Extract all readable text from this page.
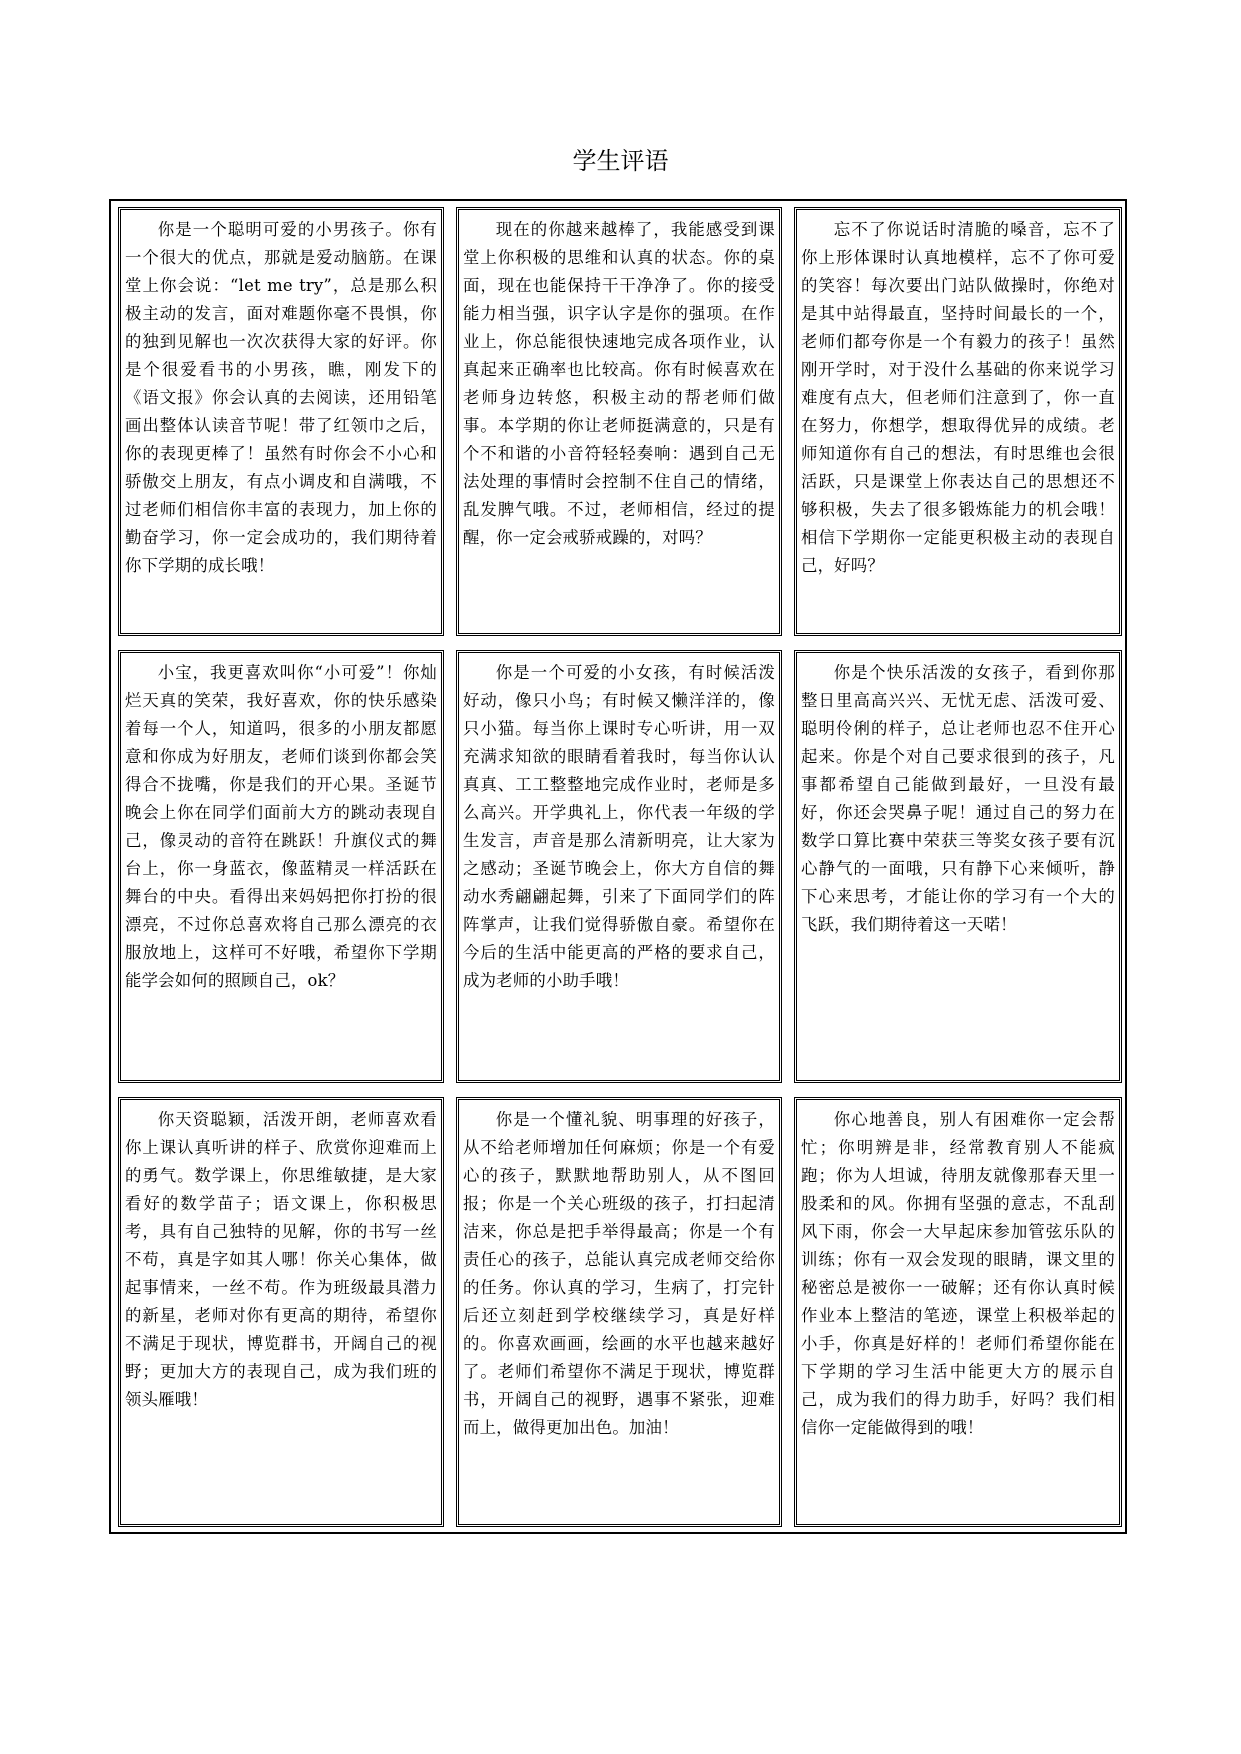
学生评语

你是一个聪明可爱的小男孩子。你有一个很大的优点，那就是爱动脑筋。在课堂上你会说：“let me try”，总是那么积极主动的发言，面对难题你毫不畏惧，你的独到见解也一次次获得大家的好评。你是个很爱看书的小男孩，瞧，刚发下的《语文报》你会认真的去阅读，还用铅笔画出整体认读音节呢！带了红领巾之后，你的表现更棒了！虽然有时你会不小心和骄傲交上朋友，有点小调皮和自满哦，不过老师们相信你丰富的表现力，加上你的勤奋学习，你一定会成功的，我们期待着你下学期的成长哦！

现在的你越来越棒了，我能感受到课堂上你积极的思维和认真的状态。你的桌面，现在也能保持干干净净了。你的接受能力相当强，识字认字是你的强项。在作业上，你总能很快速地完成各项作业，认真起来正确率也比较高。你有时候喜欢在老师身边转悠，积极主动的帮老师们做事。本学期的你让老师挺满意的，只是有个不和谐的小音符轻轻奏响：遇到自己无法处理的事情时会控制不住自己的情绪，乱发脾气哦。不过，老师相信，经过的提醒，你一定会戒骄戒躁的，对吗？

忘不了你说话时清脆的嗓音，忘不了你上形体课时认真地模样，忘不了你可爱的笑容！每次要出门站队做操时，你绝对是其中站得最直，坚持时间最长的一个，老师们都夸你是一个有毅力的孩子！虽然刚开学时，对于没什么基础的你来说学习难度有点大，但老师们注意到了，你一直在努力，你想学，想取得优异的成绩。老师知道你有自己的想法，有时思维也会很活跃，只是课堂上你表达自己的思想还不够积极，失去了很多锻炼能力的机会哦！相信下学期你一定能更积极主动的表现自己，好吗？

小宝，我更喜欢叫你“小可爱”！你灿烂天真的笑荣，我好喜欢，你的快乐感染着每一个人，知道吗，很多的小朋友都愿意和你成为好朋友，老师们谈到你都会笑得合不拢嘴，你是我们的开心果。圣诞节晚会上你在同学们面前大方的跳动表现自己，像灵动的音符在跳跃！升旗仪式的舞台上，你一身蓝衣，像蓝精灵一样活跃在舞台的中央。看得出来妈妈把你打扮的很漂亮，不过你总喜欢将自己那么漂亮的衣服放地上，这样可不好哦，希望你下学期能学会如何的照顾自己，ok？

你是一个可爱的小女孩，有时候活泼好动，像只小鸟；有时候又懒洋洋的，像只小猫。每当你上课时专心听讲，用一双充满求知欲的眼睛看着我时，每当你认认真真、工工整整地完成作业时，老师是多么高兴。开学典礼上，你代表一年级的学生发言，声音是那么清新明亮，让大家为之感动；圣诞节晚会上，你大方自信的舞动水秀翩翩起舞，引来了下面同学们的阵阵掌声，让我们觉得骄傲自豪。希望你在今后的生活中能更高的严格的要求自己，成为老师的小助手哦！

你是个快乐活泼的女孩子，看到你那整日里高高兴兴、无忧无虑、活泼可爱、聪明伶俐的样子，总让老师也忍不住开心起来。你是个对自己要求很到的孩子，凡事都希望自己能做到最好，一旦没有最好，你还会哭鼻子呢！通过自己的努力在数学口算比赛中荣获三等奖女孩子要有沉心静气的一面哦，只有静下心来倾听，静下心来思考，才能让你的学习有一个大的飞跃，我们期待着这一天喏！

你天资聪颖，活泼开朗，老师喜欢看你上课认真听讲的样子、欣赏你迎难而上的勇气。数学课上，你思维敏捷，是大家看好的数学苗子；语文课上，你积极思考，具有自己独特的见解，你的书写一丝不苟，真是字如其人哪！你关心集体，做起事情来，一丝不苟。作为班级最具潜力的新星，老师对你有更高的期待，希望你不满足于现状，博览群书，开阔自己的视野；更加大方的表现自己，成为我们班的领头雁哦！

你是一个懂礼貌、明事理的好孩子，从不给老师增加任何麻烦；你是一个有爱心的孩子，默默地帮助别人，从不图回报；你是一个关心班级的孩子，打扫起清洁来，你总是把手举得最高；你是一个有责任心的孩子，总能认真完成老师交给你的任务。你认真的学习，生病了，打完针后还立刻赶到学校继续学习，真是好样的。你喜欢画画，绘画的水平也越来越好了。老师们希望你不满足于现状，博览群书，开阔自己的视野，遇事不紧张，迎难而上，做得更加出色。加油！

你心地善良，别人有困难你一定会帮忙；你明辨是非，经常教育别人不能疯跑；你为人坦诚，待朋友就像那春天里一股柔和的风。你拥有坚强的意志，不乱刮风下雨，你会一大早起床参加管弦乐队的训练；你有一双会发现的眼睛，课文里的秘密总是被你一一破解；还有你认真时候作业本上整洁的笔迹，课堂上积极举起的小手，你真是好样的！老师们希望你能在下学期的学习生活中能更大方的展示自己，成为我们的得力助手，好吗？我们相信你一定能做得到的哦！
